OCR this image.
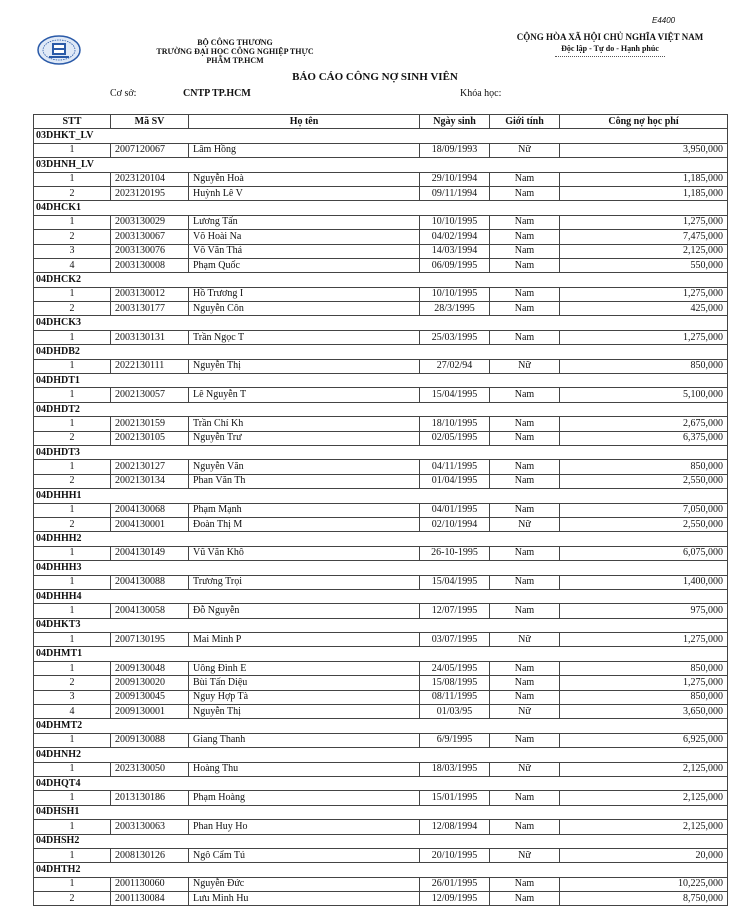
E4400
BỘ CÔNG THƯƠNG
TRƯỜNG ĐẠI HỌC CÔNG NGHIỆP THỰC
PHẨM TP.HCM
CỘNG HÒA XÃ HỘI CHỦ NGHĨA VIỆT NAM
Độc lập - Tự do - Hạnh phúc
BÁO CÁO CÔNG NỢ SINH VIÊN
Cơ sở:	CNTP TP.HCM	Khóa học:
STT	Mã SV	Họ tên	Ngày sinh	Giới tính	Công nợ học phí
03DHKT_LV					
1	2007120067	Lâm Hồng	18/09/1993	Nữ	3,950,000
03DHNH_LV					
1	2023120104	Nguyễn Hoà	29/10/1994	Nam	1,185,000
2	2023120195	Huỳnh Lê V	09/11/1994	Nam	1,185,000
04DHCK1					
1	2003130029	Lương Tấn	10/10/1995	Nam	1,275,000
2	2003130067	Võ Hoài Na	04/02/1994	Nam	7,475,000
3	2003130076	Võ Văn Thá	14/03/1994	Nam	2,125,000
4	2003130008	Phạm Quốc	06/09/1995	Nam	550,000
04DHCK2					
1	2003130012	Hồ Trương I	10/10/1995	Nam	1,275,000
2	2003130177	Nguyễn Côn	28/3/1995	Nam	425,000
04DHCK3					
1	2003130131	Trần Ngọc T	25/03/1995	Nam	1,275,000
04DHDB2					
1	2022130111	Nguyễn Thị	27/02/94	Nữ	850,000
04DHDT1					
1	2002130057	Lê Nguyễn T	15/04/1995	Nam	5,100,000
04DHDT2					
1	2002130159	Trần Chí Kh	18/10/1995	Nam	2,675,000
2	2002130105	Nguyễn Trư	02/05/1995	Nam	6,375,000
04DHDT3					
1	2002130127	Nguyễn Văn	04/11/1995	Nam	850,000
2	2002130134	Phan Văn Th	01/04/1995	Nam	2,550,000
04DHHH1					
1	2004130068	Phạm Mạnh	04/01/1995	Nam	7,050,000
2	2004130001	Đoàn Thị M	02/10/1994	Nữ	2,550,000
04DHHH2					
1	2004130149	Vũ Văn Khô	26-10-1995	Nam	6,075,000
04DHHH3					
1	2004130088	Trương Trọi	15/04/1995	Nam	1,400,000
04DHHH4					
1	2004130058	Đỗ Nguyễn	12/07/1995	Nam	975,000
04DHKT3					
1	2007130195	Mai Minh P	03/07/1995	Nữ	1,275,000
04DHMT1					
1	2009130048	Uông Đình E	24/05/1995	Nam	850,000
2	2009130020	Bùi Tấn Diệu	15/08/1995	Nam	1,275,000
3	2009130045	Nguy Hợp Tà	08/11/1995	Nam	850,000
4	2009130001	Nguyễn Thị	01/03/95	Nữ	3,650,000
04DHMT2					
1	2009130088	Giang Thanh	6/9/1995	Nam	6,925,000
04DHNH2					
1	2023130050	Hoàng Thu	18/03/1995	Nữ	2,125,000
04DHQT4					
1	2013130186	Phạm Hoàng	15/01/1995	Nam	2,125,000
04DHSH1					
1	2003130063	Phan Huy Ho	12/08/1994	Nam	2,125,000
04DHSH2					
1	2008130126	Ngô Cẩm Tú	20/10/1995	Nữ	20,000
04DHTH2					
1	2001130060	Nguyễn Đức	26/01/1995	Nam	10,225,000
2	2001130084	Lưu Minh Hu	12/09/1995	Nam	8,750,000
